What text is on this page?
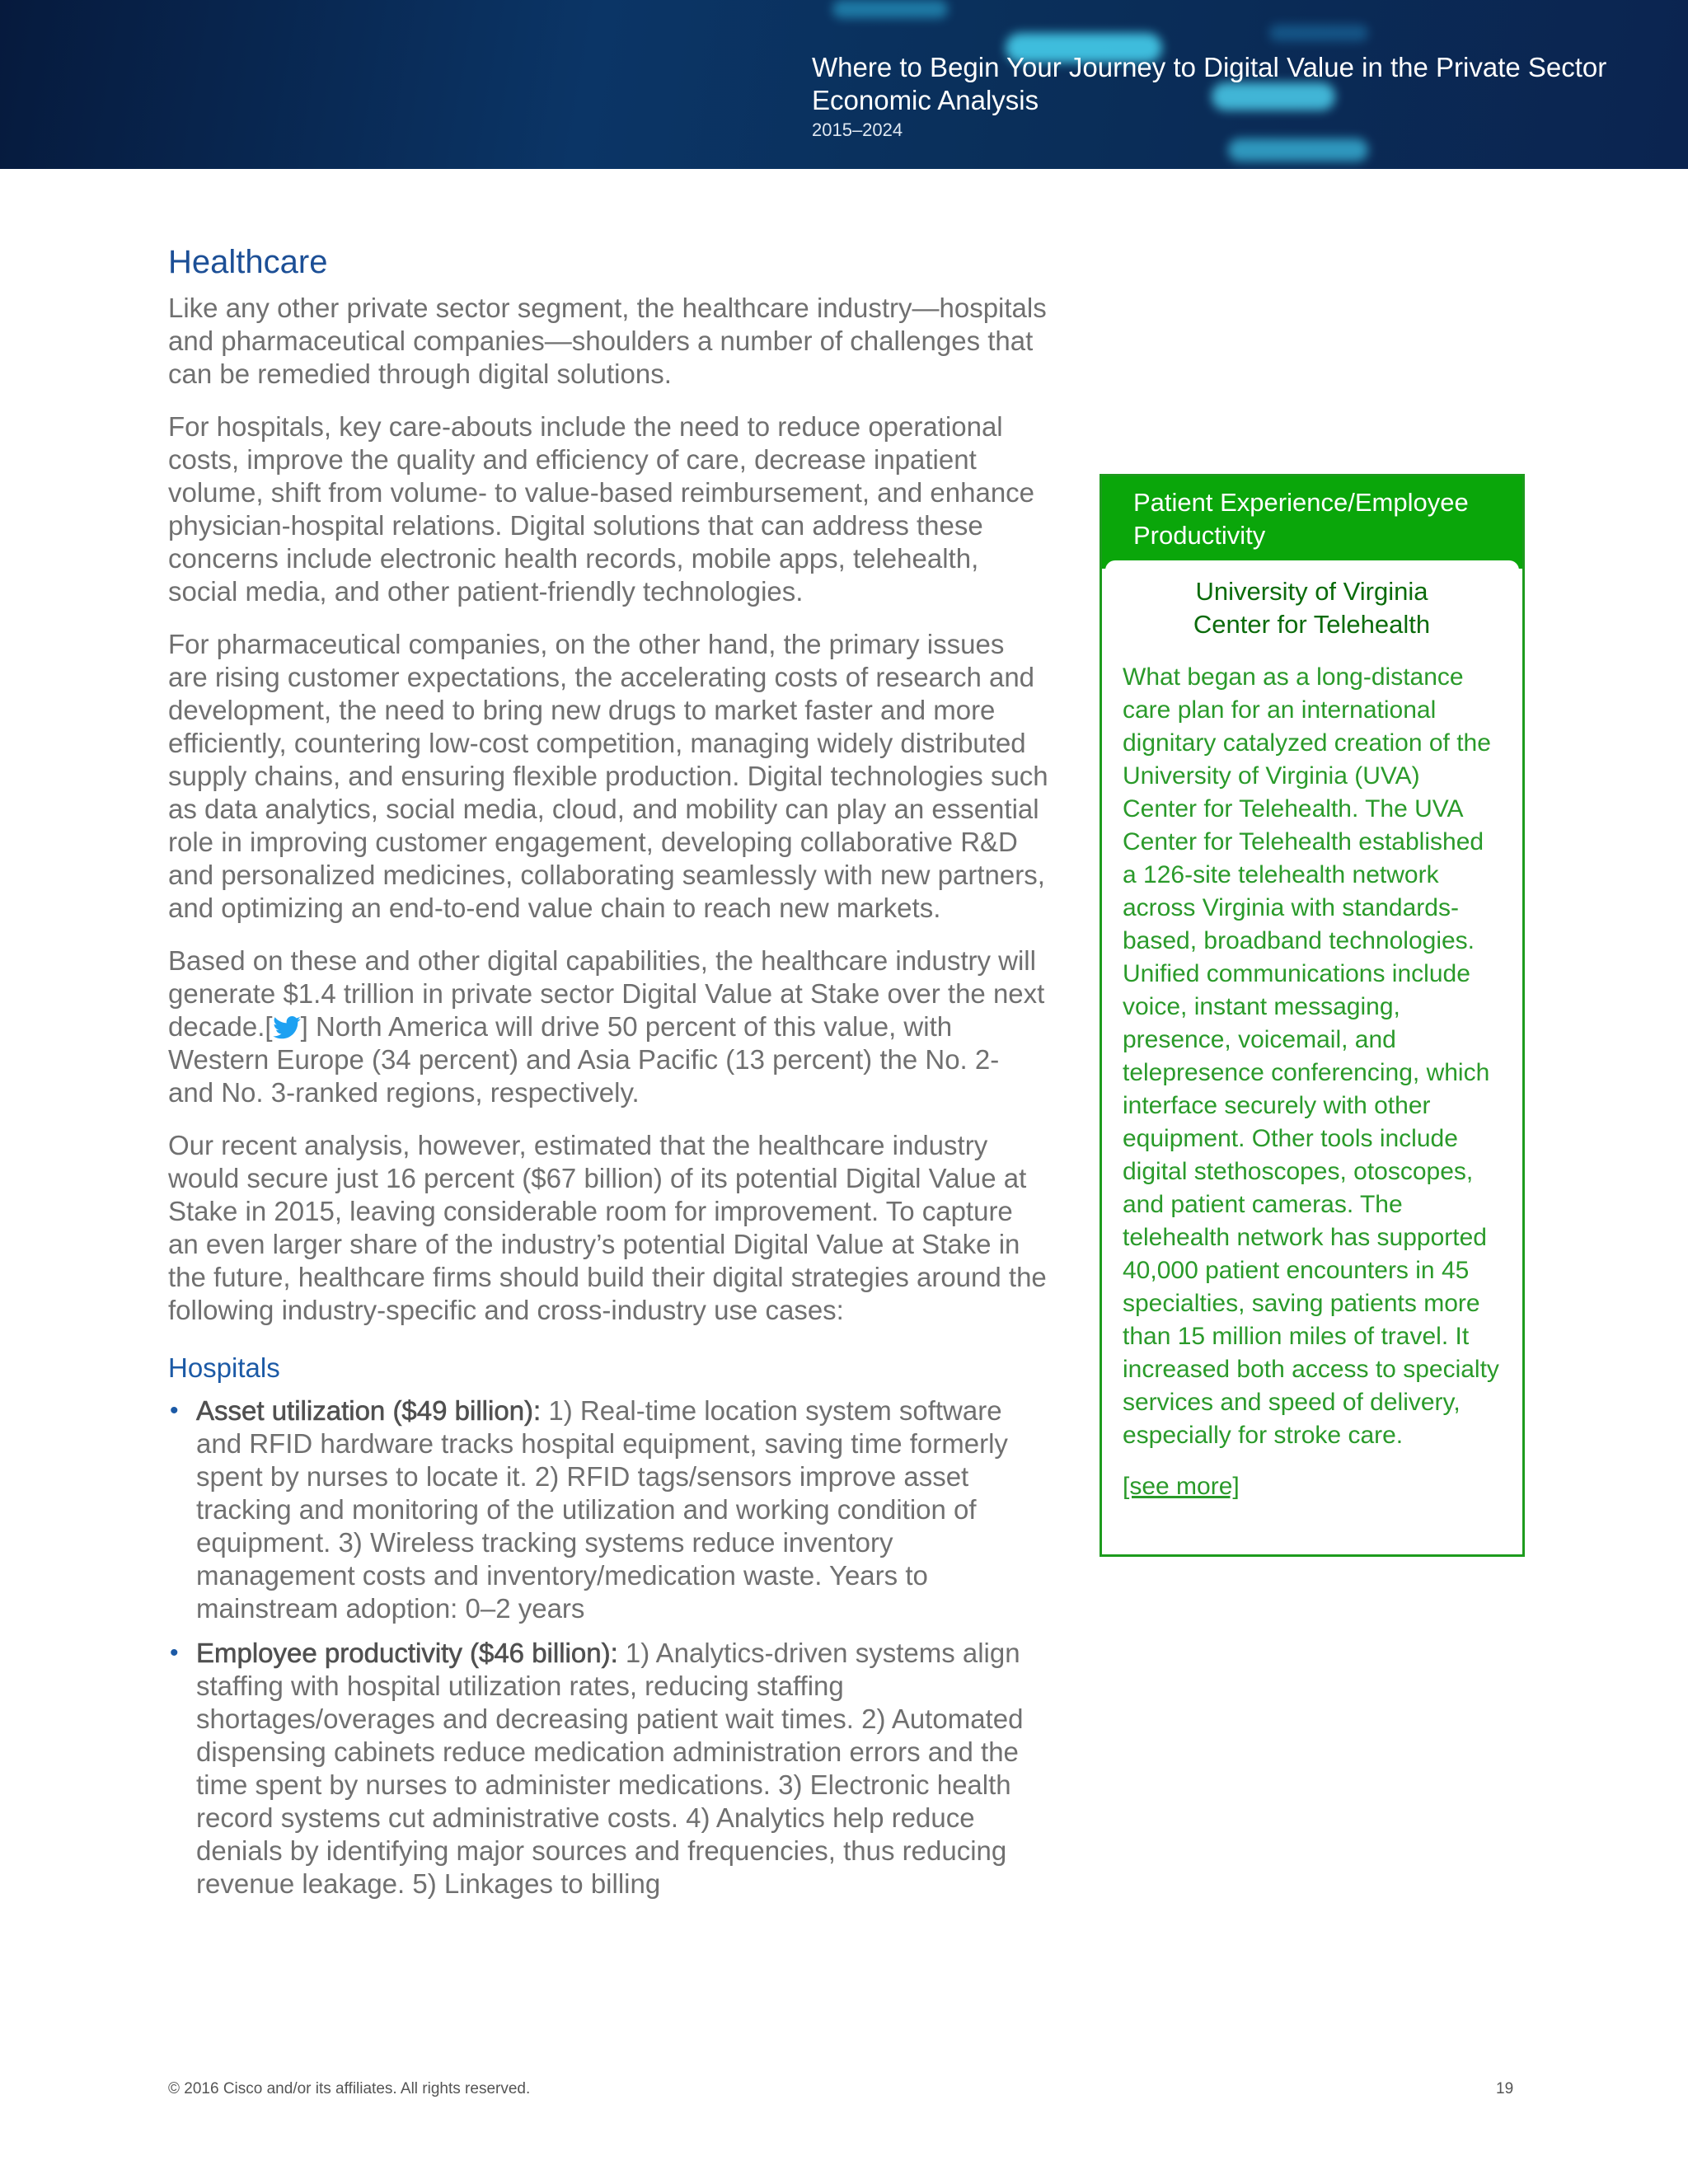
Where to Begin Your Journey to Digital Value in the Private Sector
Economic Analysis
2015–2024
Healthcare

Like any other private sector segment, the healthcare industry—hospitals and pharmaceutical companies—shoulders a number of challenges that can be remedied through digital solutions.

For hospitals, key care-abouts include the need to reduce operational costs, improve the quality and efficiency of care, decrease inpatient volume, shift from volume- to value-based reimbursement, and enhance physician-hospital relations. Digital solutions that can address these concerns include electronic health records, mobile apps, telehealth, social media, and other patient-friendly technologies.

For pharmaceutical companies, on the other hand, the primary issues are rising customer expectations, the accelerating costs of research and development, the need to bring new drugs to market faster and more efficiently, countering low-cost competition, managing widely distributed supply chains, and ensuring flexible production. Digital technologies such as data analytics, social media, cloud, and mobility can play an essential role in improving customer engagement, developing collaborative R&D and personalized medicines, collaborating seamlessly with new partners, and optimizing an end-to-end value chain to reach new markets.

Based on these and other digital capabilities, the healthcare industry will generate $1.4 trillion in private sector Digital Value at Stake over the next decade.[ ] North America will drive 50 percent of this value, with Western Europe (34 percent) and Asia Pacific (13 percent) the No. 2- and No. 3-ranked regions, respectively.

Our recent analysis, however, estimated that the healthcare industry would secure just 16 percent ($67 billion) of its potential Digital Value at Stake in 2015, leaving considerable room for improvement. To capture an even larger share of the industry’s potential Digital Value at Stake in the future, healthcare firms should build their digital strategies around the following industry-specific and cross-industry use cases:

Hospitals
• Asset utilization ($49 billion): 1) Real-time location system software and RFID hardware tracks hospital equipment, saving time formerly spent by nurses to locate it. 2) RFID tags/sensors improve asset tracking and monitoring of the utilization and working condition of equipment. 3) Wireless tracking systems reduce inventory management costs and inventory/medication waste. Years to mainstream adoption: 0–2 years
• Employee productivity ($46 billion): 1) Analytics-driven systems align staffing with hospital utilization rates, reducing staffing shortages/overages and decreasing patient wait times. 2) Automated dispensing cabinets reduce medication administration errors and the time spent by nurses to administer medications. 3) Electronic health record systems cut administrative costs. 4) Analytics help reduce denials by identifying major sources and frequencies, thus reducing revenue leakage. 5) Linkages to billing
Patient Experience/Employee Productivity
University of Virginia
Center for Telehealth

What began as a long-distance care plan for an international dignitary catalyzed creation of the University of Virginia (UVA) Center for Telehealth. The UVA Center for Telehealth established a 126-site telehealth network across Virginia with standards-based, broadband technologies. Unified communications include voice, instant messaging, presence, voicemail, and telepresence conferencing, which interface securely with other equipment. Other tools include digital stethoscopes, otoscopes, and patient cameras. The telehealth network has supported 40,000 patient encounters in 45 specialties, saving patients more than 15 million miles of travel. It increased both access to specialty services and speed of delivery, especially for stroke care.

[see more]
© 2016 Cisco and/or its affiliates. All rights reserved.	19
